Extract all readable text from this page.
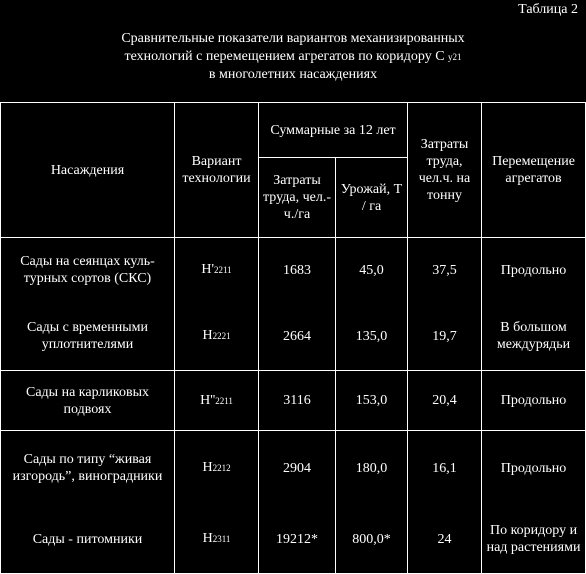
Таблица 2
Сравнительные показатели вариантов механизированных
технологий с перемещением агрегатов по коридору С у21
в многолетних насаждениях
Насаждения	Вариант технологии	Суммарные за 12 лет		Затраты труда, чел.ч. на тонну	Перемещение агрегатов
		Затраты труда, чел.-ч./га	Урожай, Т / га		
Сады на сеянцах куль-турных сортов (СКС)	Н'2211	1683	45,0	37,5	Продольно
Сады с временными уплотнителями	Н2221	2664	135,0	19,7	В большом междурядьи
Сады на карликовых подвоях	Н''2211	3116	153,0	20,4	Продольно
Сады по типу “живая изгородь”, виноградники	Н2212	2904	180,0	16,1	Продольно
Сады - питомники	Н2311	19212*	800,0*	24	По коридору и над растениями
